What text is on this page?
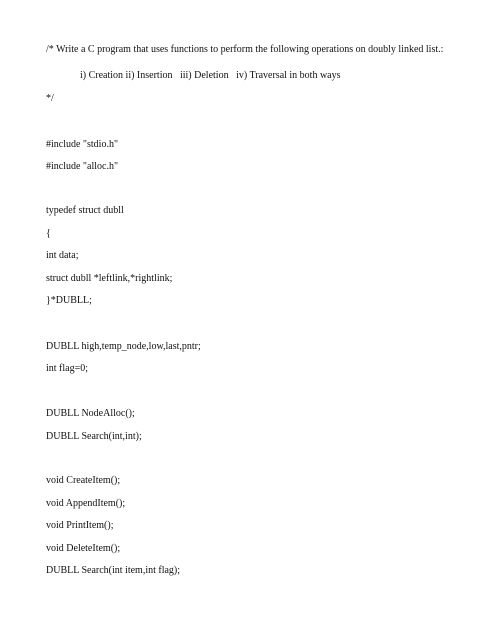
/* Write a C program that uses functions to perform the following operations on doubly linked list.:
i) Creation ii) Insertion   iii) Deletion   iv) Traversal in both ways
*/
#include "stdio.h"
#include "alloc.h"
typedef struct dubll
{
int data;
struct dubll *leftlink,*rightlink;
}*DUBLL;
DUBLL high,temp_node,low,last,pntr;
int flag=0;
DUBLL NodeAlloc();
DUBLL Search(int,int);
void CreateItem();
void AppendItem();
void PrintItem();
void DeleteItem();
DUBLL Search(int item,int flag);
